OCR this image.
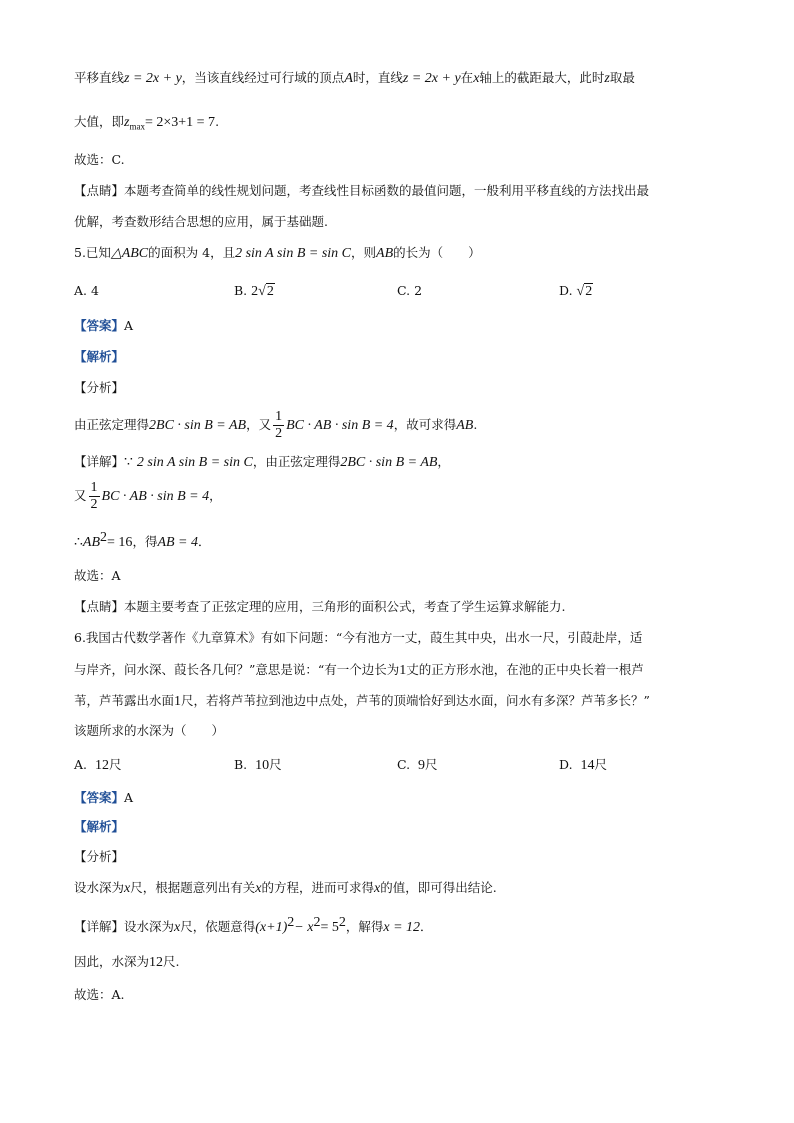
平移直线z = 2x + y，当该直线经过可行域的顶点A时，直线z = 2x + y在x轴上的截距最大，此时z取最
大值，即$z_{max}= 2\times 3+1 = 7$.
故选：C.
【点睛】本题考查简单的线性规划问题，考查线性目标函数的最值问题，一般利用平移直线的方法找出最
优解，考查数形结合思想的应用，属于基础题.
5.已知△ABC的面积为 4，且2 sin A sin B = sin C，则AB的长为（　　）
A. 4	B. 2√2	C. 2	D. √2
【答案】A
【解析】
【分析】
由正弦定理得2BC · sin B = AB，又 $\frac{1}{2}$ BC · AB · sin B = 4，故可求得AB.
【详解】∵ 2 sin A sin B = sin C，由正弦定理得2BC · sin B = AB，
又 $\frac{1}{2}$ BC · AB · sin B = 4，
$\therefore AB^2= 16$，得AB = 4．
故选：A
【点睛】本题主要考查了正弦定理的应用，三角形的面积公式，考查了学生运算求解能力.
6.我国古代数学著作《九章算术》有如下问题：“今有池方一丈，葭生其中央，出水一尺，引葭赴岸，适
与岸齐，问水深、葭长各几何？”意思是说：“有一个边长为1丈的正方形水池，在池的正中央长着一根芦
苇，芦苇露出水面1尺，若将芦苇拉到池边中点处，芦苇的顶端恰好到达水面，问水有多深？芦苇多长？”
该题所求的水深为（　　）
A. 12尺	B. 10尺	C. 9尺	D. 14尺
【答案】A
【解析】
【分析】
设水深为x尺，根据题意列出有关x的方程，进而可求得x的值，即可得出结论.
【详解】设水深为x尺，依题意得$(x+1)^2- x^2= 5^2$，解得x = 12．
因此，水深为12尺.
故选：A.
